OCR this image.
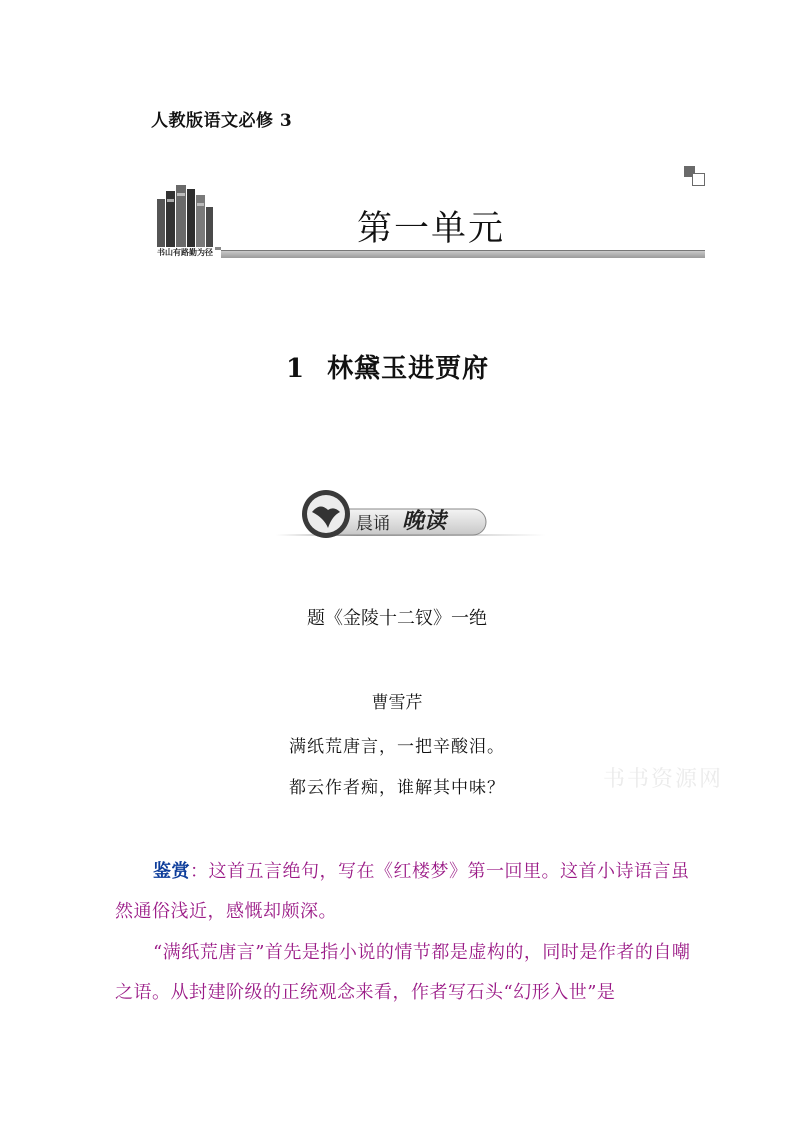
人教版语文必修 3
第一单元
书山有路勤为径
1 林黛玉进贾府
晨诵 晚读
题《金陵十二钗》一绝
曹雪芹
满纸荒唐言，一把辛酸泪。
都云作者痴，谁解其中味？	书书资源网
鉴赏：这首五言绝句，写在《红楼梦》第一回里。这首小诗语言虽然通俗浅近，感慨却颇深。
“满纸荒唐言”首先是指小说的情节都是虚构的，同时是作者的自嘲之语。从封建阶级的正统观念来看，作者写石头“幻形入世”是
